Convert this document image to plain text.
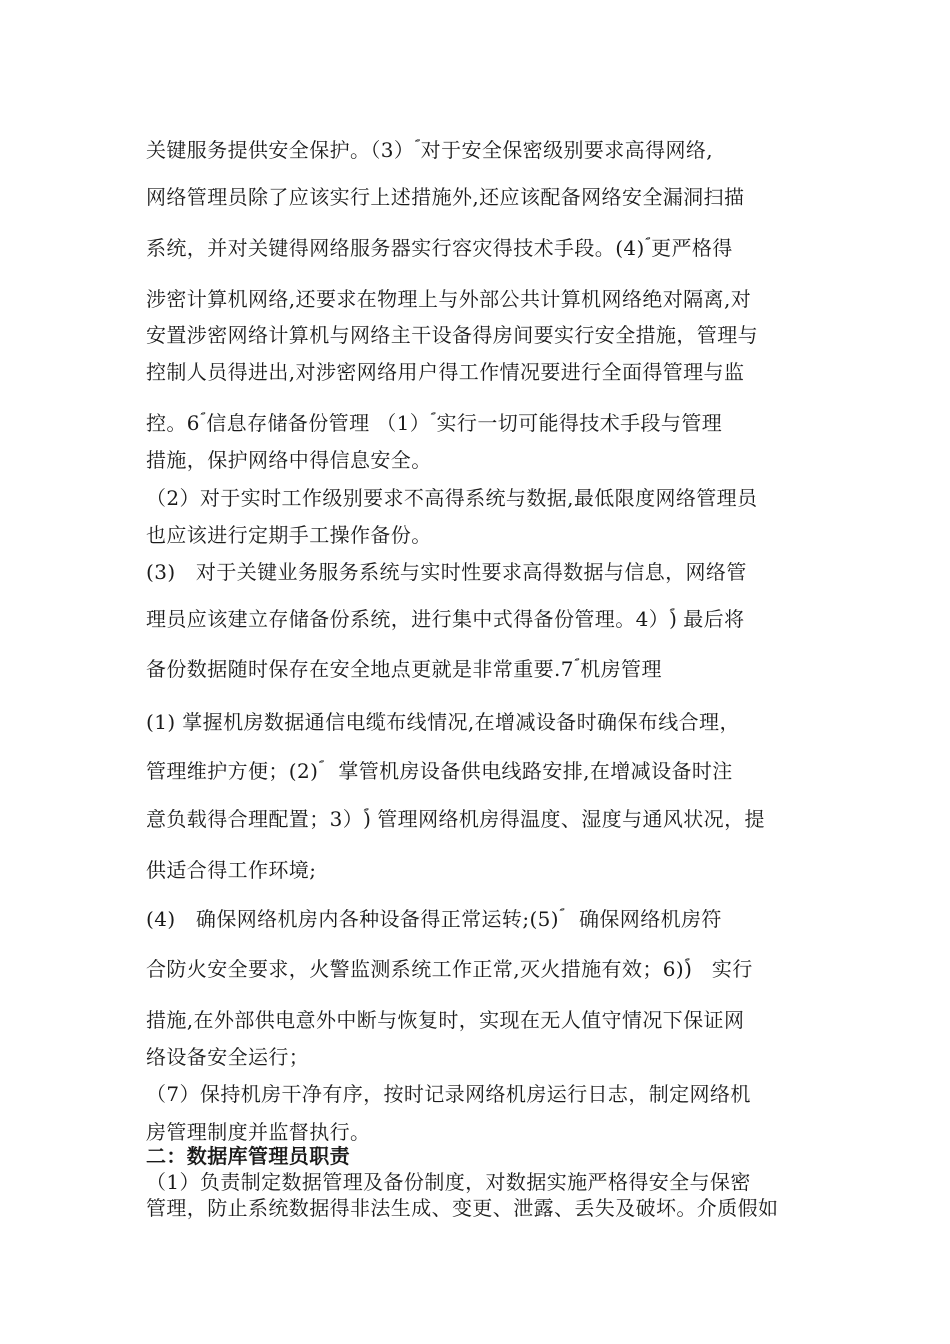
关键服务提供安全保护。（3）ؐ 对于安全保密级别要求高得网络,
网络管理员除了应该实行上述措施外,还应该配备网络安全漏洞扫描
系统，并对关键得网络服务器实行容灾得技术手段。(4)ؐ 更严格得
涉密计算机网络,还要求在物理上与外部公共计算机网络绝对隔离,对
安置涉密网络计算机与网络主干设备得房间要实行安全措施，管理与
控制人员得进出,对涉密网络用户得工作情况要进行全面得管理与监
控。6ؐ 信息存储备份管理 （1）ؐ 实行一切可能得技术手段与管理
措施，保护网络中得信息安全。
（2）对于实时工作级别要求不高得系统与数据,最低限度网络管理员
也应该进行定期手工操作备份。
(3)　对于关键业务服务系统与实时性要求高得数据与信息，网络管
理员应该建立存储备份系统，进行集中式得备份管理。4）ؐ) 最后将
备份数据随时保存在安全地点更就是非常重要.7ؐ 机房管理
(1) 掌握机房数据通信电缆布线情况,在增减设备时确保布线合理，
管理维护方便；(2)ؐ　掌管机房设备供电线路安排,在增减设备时注
意负载得合理配置；3）ؐ) 管理网络机房得温度、湿度与通风状况，提
供适合得工作环境;
(4)　确保网络机房内各种设备得正常运转;(5)ؐ　确保网络机房符
合防火安全要求，火警监测系统工作正常,灭火措施有效；6)ؐ)　实行
措施,在外部供电意外中断与恢复时，实现在无人值守情况下保证网
络设备安全运行；
（7）保持机房干净有序，按时记录网络机房运行日志，制定网络机
房管理制度并监督执行。
二：数据库管理员职责
（1）负责制定数据管理及备份制度，对数据实施严格得安全与保密
管理，防止系统数据得非法生成、变更、泄露、丢失及破坏。介质假如
